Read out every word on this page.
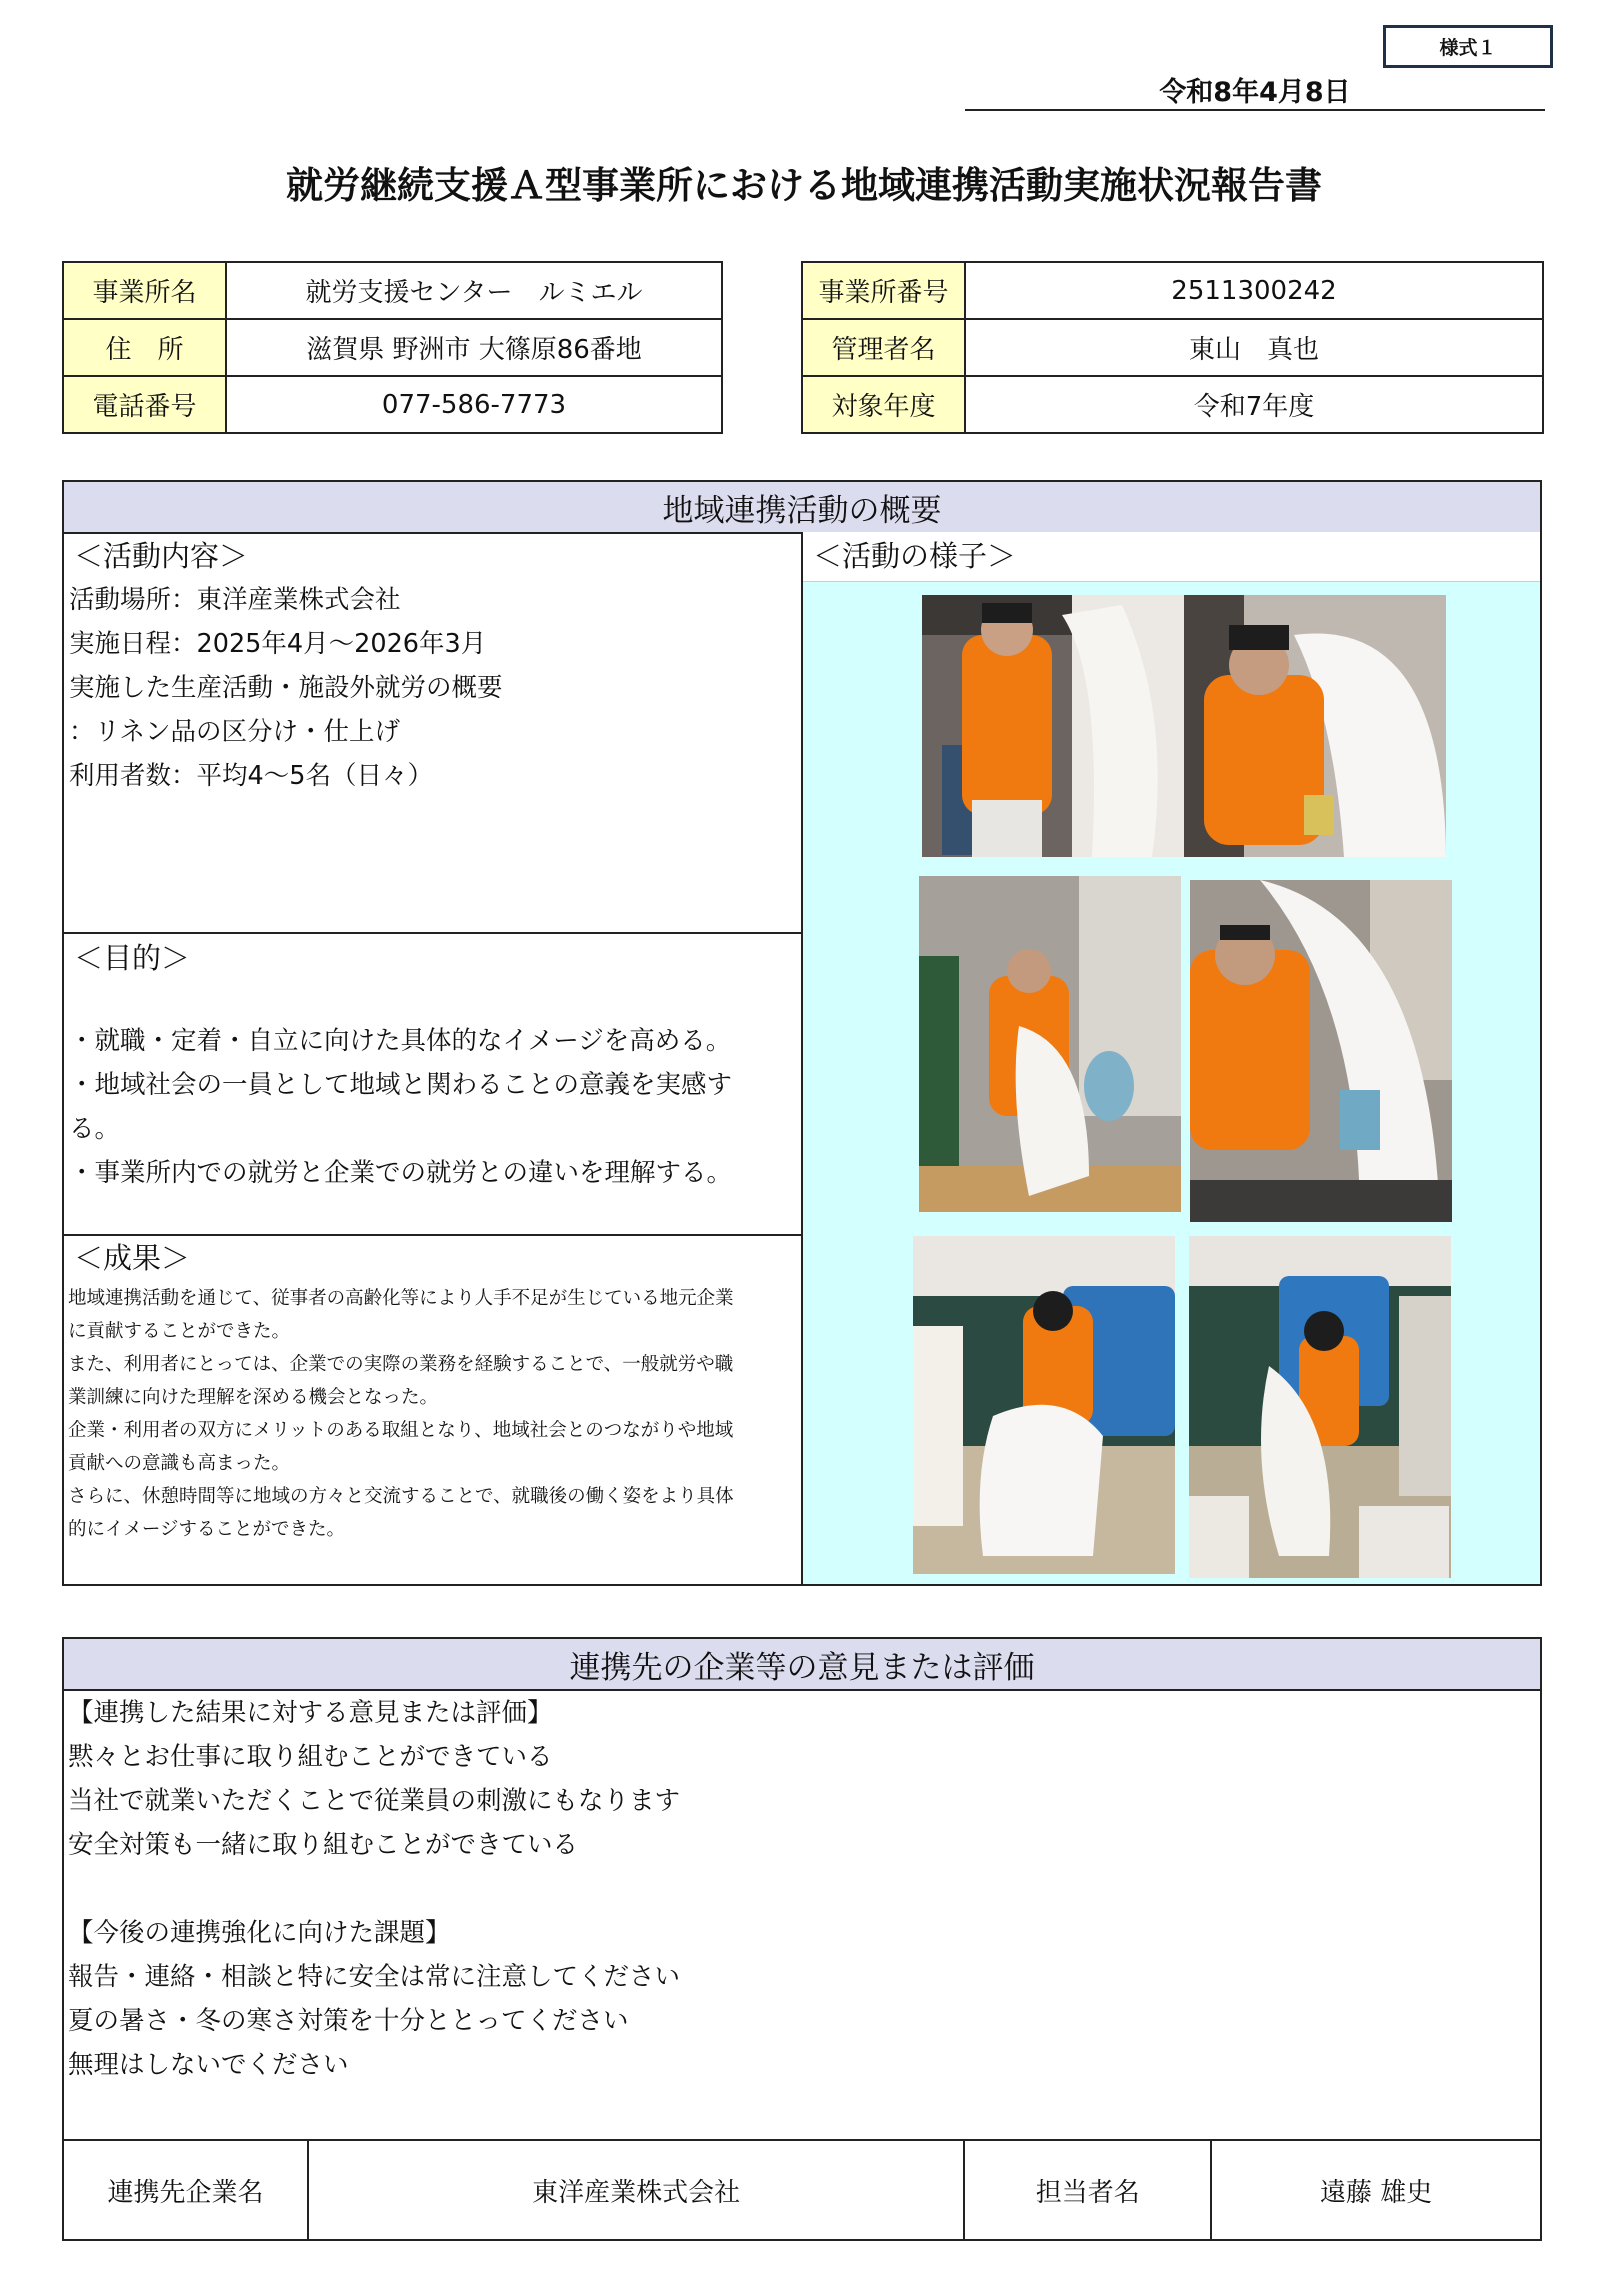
様式１
令和8年4月8日
就労継続支援Ａ型事業所における地域連携活動実施状況報告書
事業所名	就労支援センター　ルミエル
住　所	滋賀県 野洲市 大篠原86番地
電話番号	077-586-7773
事業所番号	2511300242
管理者名	東山　真也
対象年度	令和7年度
地域連携活動の概要
＜活動内容＞
活動場所：東洋産業株式会社
実施日程：2025年4月～2026年3月
実施した生産活動・施設外就労の概要
：リネン品の区分け・仕上げ
利用者数：平均4～5名（日々）
＜目的＞
・就職・定着・自立に向けた具体的なイメージを高める。
・地域社会の一員として地域と関わることの意義を実感す
る。
・事業所内での就労と企業での就労との違いを理解する。
＜成果＞
地域連携活動を通じて、従事者の高齢化等により人手不足が生じている地元企業
に貢献することができた。
また、利用者にとっては、企業での実際の業務を経験することで、一般就労や職
業訓練に向けた理解を深める機会となった。
企業・利用者の双方にメリットのある取組となり、地域社会とのつながりや地域
貢献への意識も高まった。
さらに、休憩時間等に地域の方々と交流することで、就職後の働く姿をより具体
的にイメージすることができた。
＜活動の様子＞
連携先の企業等の意見または評価
【連携した結果に対する意見または評価】
黙々とお仕事に取り組むことができている
当社で就業いただくことで従業員の刺激にもなります
安全対策も一緒に取り組むことができている

【今後の連携強化に向けた課題】
報告・連絡・相談と特に安全は常に注意してください
夏の暑さ・冬の寒さ対策を十分ととってください
無理はしないでください
連携先企業名	東洋産業株式会社	担当者名	遠藤 雄史
